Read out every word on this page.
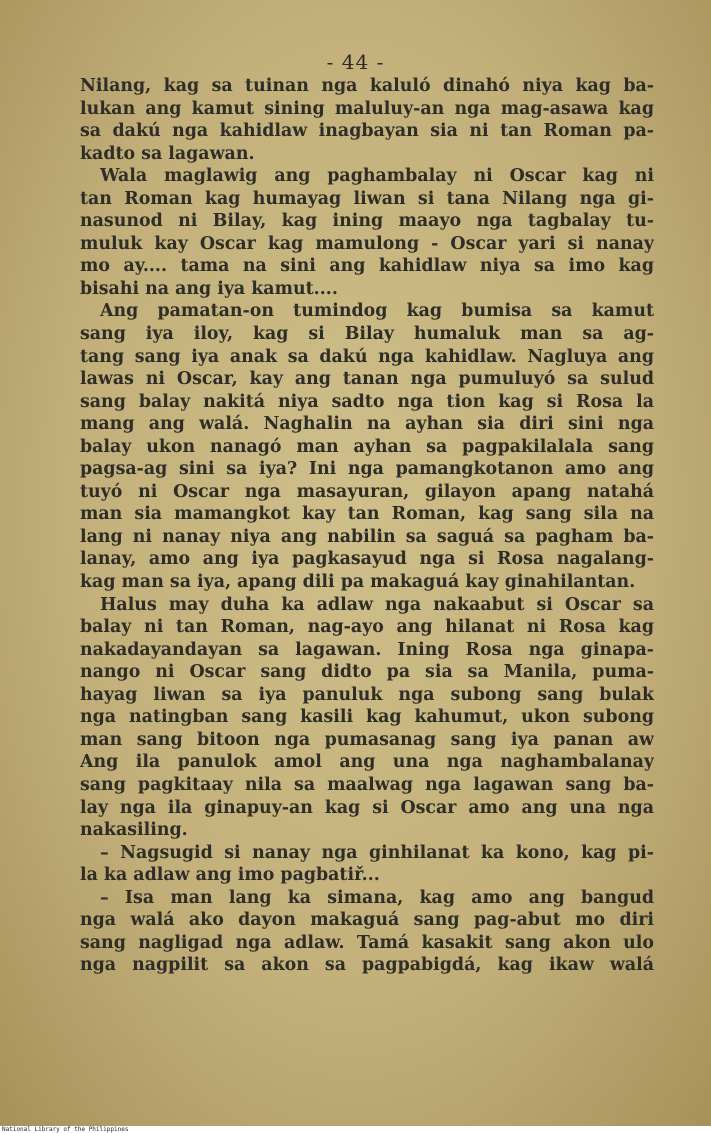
- 44 -
Nilang, kag sa tuinan nga kaluló dinahó niya kag ba-
lukan ang kamut sining maluluy-an nga mag-asawa kag
sa dakú nga kahidlaw inagbayan sia ni tan Roman pa-
kadto sa lagawan.
Wala maglawig ang paghambalay ni Oscar kag ni
tan Roman kag humayag liwan si tana Nilang nga gi-
nasunod ni Bilay, kag ining maayo nga tagbalay tu-
muluk kay Oscar kag mamulong - Oscar yari si nanay
mo ay.... tama na sini ang kahidlaw niya sa imo kag
bisahi na ang iya kamut....
Ang pamatan-on tumindog kag bumisa sa kamut
sang iya iloy, kag si Bilay humaluk man sa ag-
tang sang iya anak sa dakú nga kahidlaw. Nagluya ang
lawas ni Oscar, kay ang tanan nga pumuluyó sa sulud
sang balay nakitá niya sadto nga tion kag si Rosa la
mang ang walá. Naghalin na ayhan sia diri sini nga
balay ukon nanagó man ayhan sa pagpakilalala sang
pagsa-ag sini sa iya? Ini nga pamangkotanon amo ang
tuyó ni Oscar nga masayuran, gilayon apang natahá
man sia mamangkot kay tan Roman, kag sang sila na
lang ni nanay niya ang nabilin sa saguá sa pagham ba-
lanay, amo ang iya pagkasayud nga si Rosa nagalang-
kag man sa iya, apang dili pa makaguá kay ginahilantan.
Halus may duha ka adlaw nga nakaabut si Oscar sa
balay ni tan Roman, nag-ayo ang hilanat ni Rosa kag
nakadayandayan sa lagawan. Ining Rosa nga ginapa-
nango ni Oscar sang didto pa sia sa Manila, puma-
hayag liwan sa iya panuluk nga subong sang bulak
nga natingban sang kasili kag kahumut, ukon subong
man sang bitoon nga pumasanag sang iya panan aw
Ang ila panulok amol ang una nga naghambalanay
sang pagkitaay nila sa maalwag nga lagawan sang ba-
lay nga ila ginapuy-an kag si Oscar amo ang una nga
nakasiling.
– Nagsugid si nanay nga ginhilanat ka kono, kag pi-
la ka adlaw ang imo pagbatiř...
– Isa man lang ka simana, kag amo ang bangud
nga walá ako dayon makaguá sang pag-abut mo diri
sang nagligad nga adlaw. Tamá kasakit sang akon ulo
nga nagpilit sa akon sa pagpabigdá, kag ikaw walá
National Library of the Philippines
